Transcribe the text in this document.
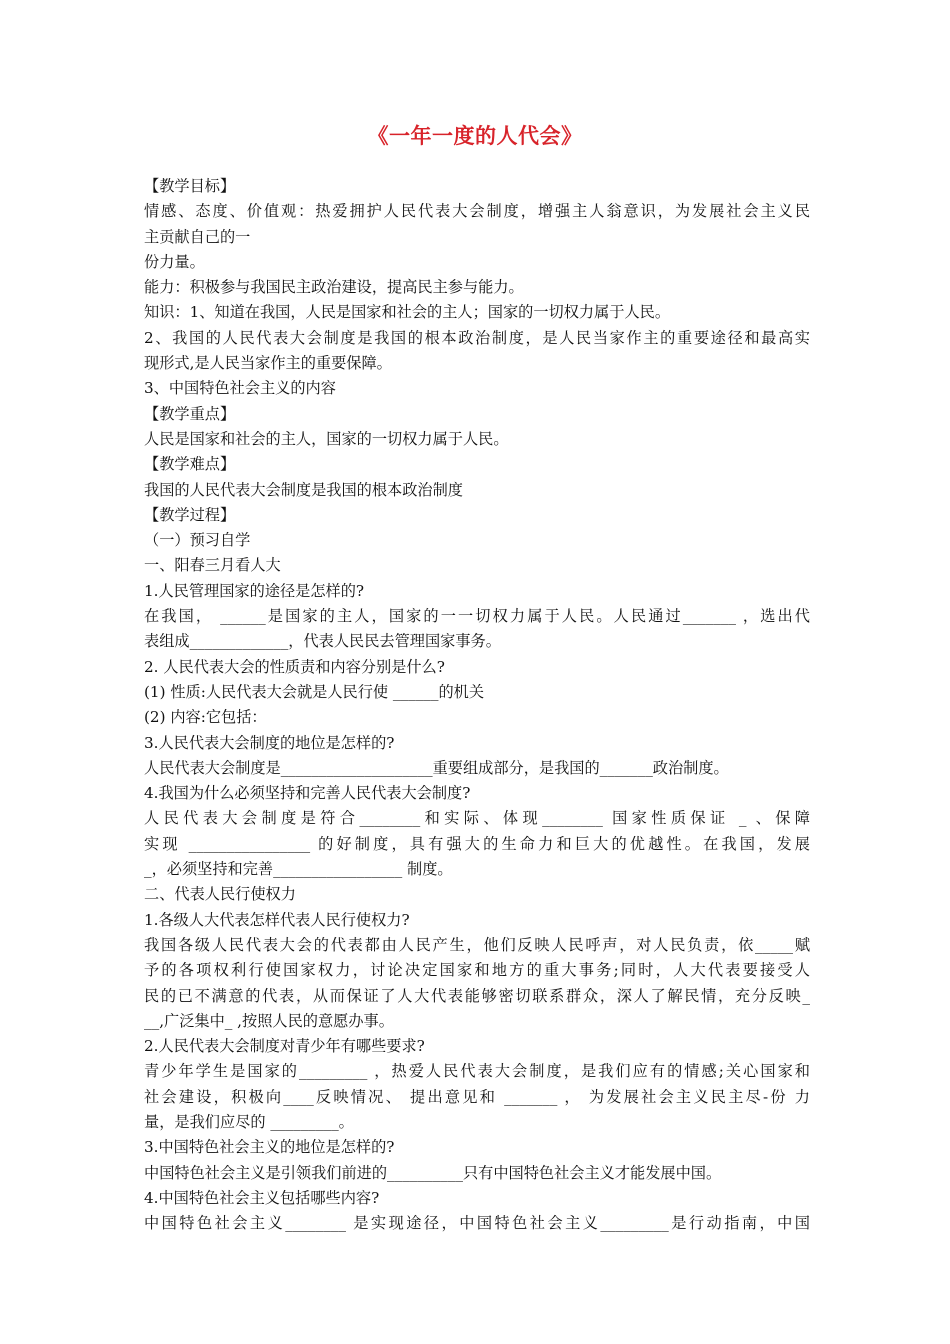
《一年一度的人代会》
【教学目标】
情感、态度、价值观：热爱拥护人民代表大会制度，增强主人翁意识，为发展社会主义民
主贡献自己的一
份力量。
能力：积极参与我国民主政治建设，提高民主参与能力。
知识：1、知道在我国，人民是国家和社会的主人；国家的一切权力属于人民。
2、我国的人民代表大会制度是我国的根本政治制度，是人民当家作主的重要途径和最高实
现形式,是人民当家作主的重要保障。
3、中国特色社会主义的内容
【教学重点】
人民是国家和社会的主人，国家的一切权力属于人民。
【教学难点】
我国的人民代表大会制度是我国的根本政治制度
【教学过程】
（一）预习自学
一、阳春三月看人大
1.人民管理国家的途径是怎样的?
在我国， ______是国家的主人，国家的一一切权力属于人民。人民通过_______ ，选出代
表组成_____________，代表人民民去管理国家事务。
2. 人民代表大会的性质责和内容分别是什么?
(1) 性质:人民代表大会就是人民行使 ______的机关
(2) 内容:它包括：
3.人民代表大会制度的地位是怎样的?
人民代表大会制度是____________________重要组成部分，是我国的_______政治制度。
4.我国为什么必须坚持和完善人民代表大会制度?
人民代表大会制度是符合________和实际、体现________ 国家性质保证 _ 、保障
实现 ________________ 的好制度，具有强大的生命力和巨大的优越性。在我国，发展
_，必须坚持和完善_________________ 制度。
二、代表人民行使权力
1.各级人大代表怎样代表人民行使权力?
我国各级人民代表大会的代表都由人民产生，他们反映人民呼声，对人民负责，依_____赋
予的各项权利行使国家权力，讨论决定国家和地方的重大事务;同时，人大代表要接受人
民的已不满意的代表，从而保证了人大代表能够密切联系群众，深人了解民情，充分反映_
__,广泛集中_ ,按照人民的意愿办事。
2.人民代表大会制度对青少年有哪些要求?
青少年学生是国家的_________ ，热爱人民代表大会制度，是我们应有的情感;关心国家和
社会建设，积极向____反映情况、 提出意见和 _______ ， 为发展社会主义民主尽-份 力
量，是我们应尽的 _________。
3.中国特色社会主义的地位是怎样的?
中国特色社会主义是引领我们前进的__________只有中国特色社会主义才能发展中国。
4.中国特色社会主义包括哪些内容?
中国特色社会主义________ 是实现途径，中国特色社会主义_________是行动指南，中国
